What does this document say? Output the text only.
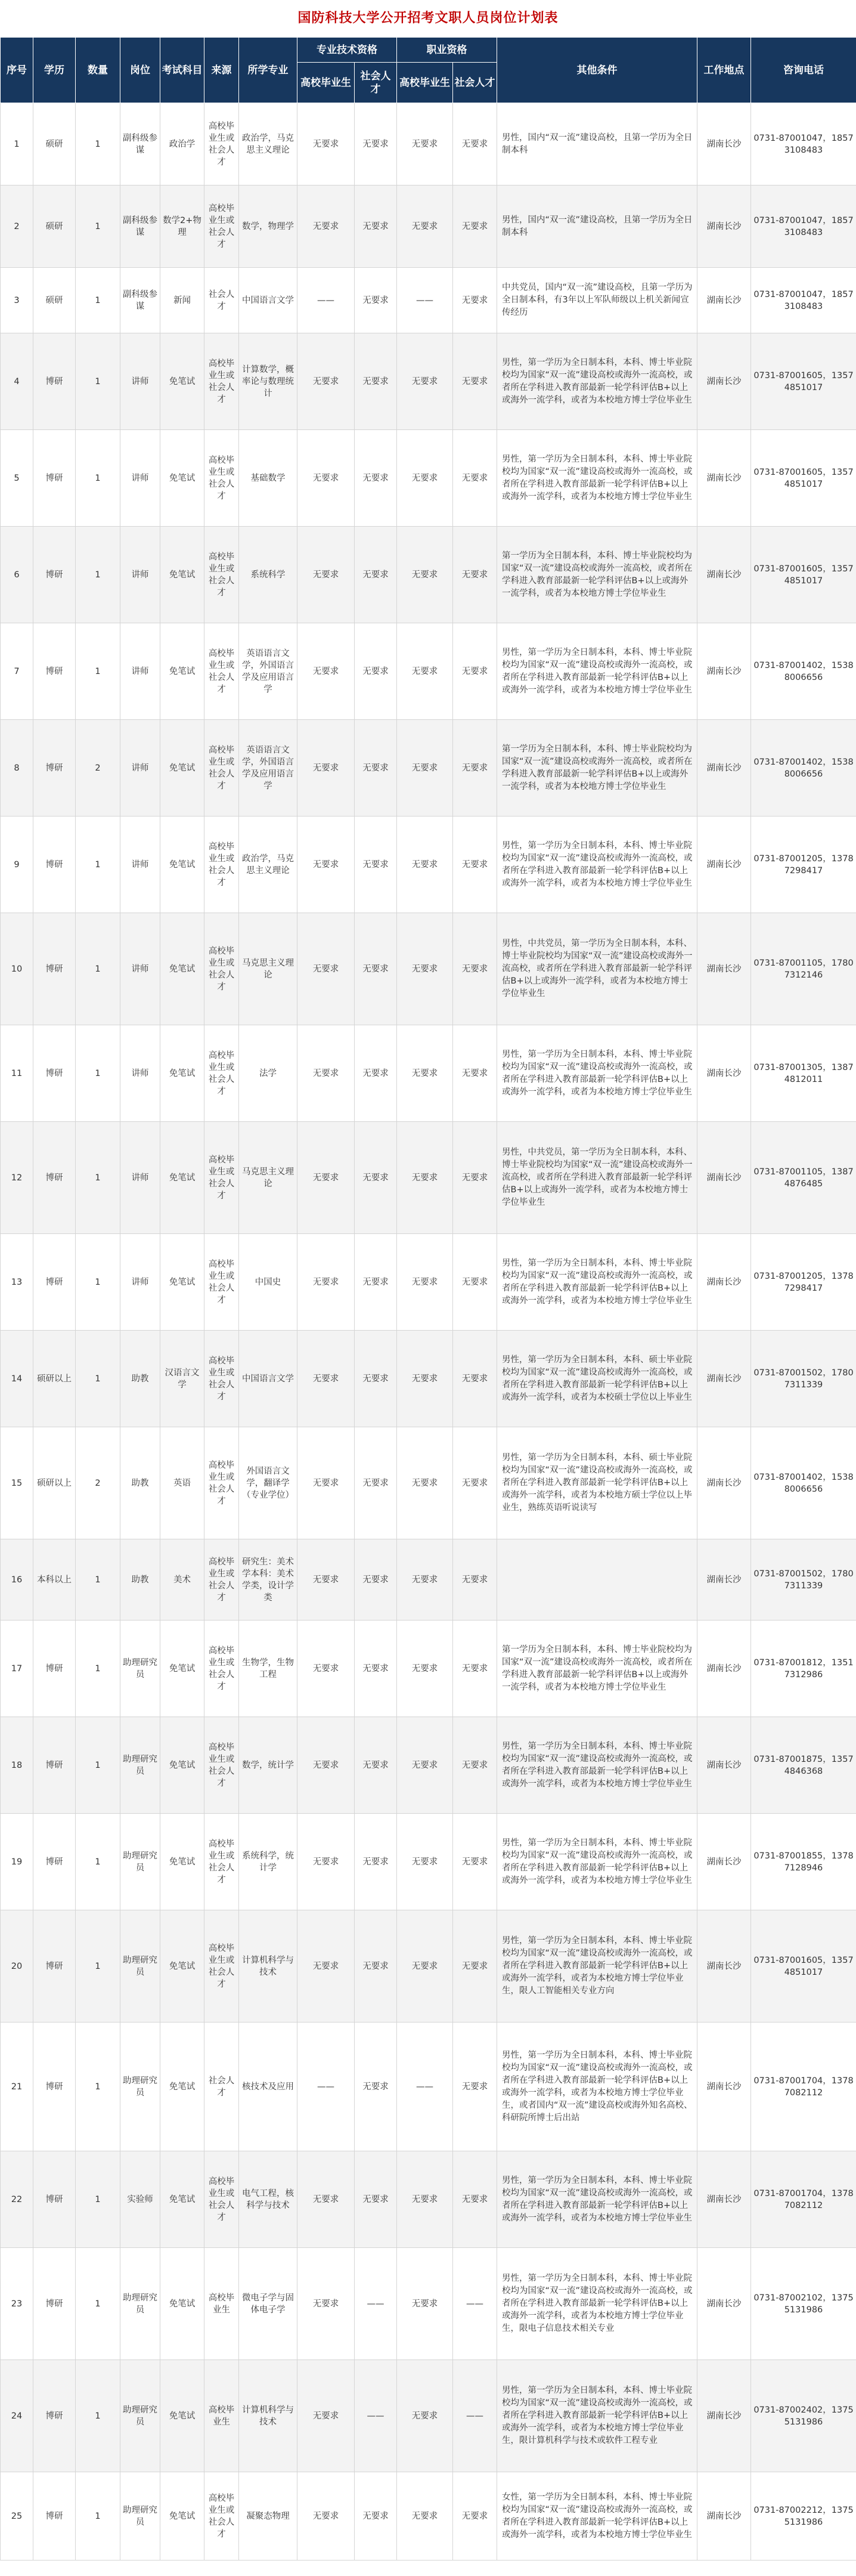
国防科技大学公开招考文职人员岗位计划表
序号	学历	数量	岗位	考试科目	来源	所学专业	专业技术资格		职业资格		其他条件	工作地点	咨询电话
							高校毕业生	社会人才	高校毕业生	社会人才			
1	硕研	1	副科级参谋	政治学	高校毕业生或社会人才	政治学，马克思主义理论	无要求	无要求	无要求	无要求	男性，国内“双一流”建设高校，且第一学历为全日制本科	湖南长沙	0731-87001047，18573108483
2	硕研	1	副科级参谋	数学2+物理	高校毕业生或社会人才	数学，物理学	无要求	无要求	无要求	无要求	男性，国内“双一流”建设高校，且第一学历为全日制本科	湖南长沙	0731-87001047，18573108483
3	硕研	1	副科级参谋	新闻	社会人才	中国语言文学	——	无要求	——	无要求	中共党员，国内“双一流”建设高校，且第一学历为全日制本科，有3年以上军队师级以上机关新闻宣传经历	湖南长沙	0731-87001047，18573108483
4	博研	1	讲师	免笔试	高校毕业生或社会人才	计算数学，概率论与数理统计	无要求	无要求	无要求	无要求	男性，第一学历为全日制本科，本科、博士毕业院校均为国家“双一流”建设高校或海外一流高校，或者所在学科进入教育部最新一轮学科评估B+以上或海外一流学科，或者为本校地方博士学位毕业生	湖南长沙	0731-87001605，13574851017
5	博研	1	讲师	免笔试	高校毕业生或社会人才	基础数学	无要求	无要求	无要求	无要求	男性，第一学历为全日制本科，本科、博士毕业院校均为国家“双一流”建设高校或海外一流高校，或者所在学科进入教育部最新一轮学科评估B+以上或海外一流学科，或者为本校地方博士学位毕业生	湖南长沙	0731-87001605，13574851017
6	博研	1	讲师	免笔试	高校毕业生或社会人才	系统科学	无要求	无要求	无要求	无要求	第一学历为全日制本科，本科、博士毕业院校均为国家“双一流”建设高校或海外一流高校，或者所在学科进入教育部最新一轮学科评估B+以上或海外一流学科，或者为本校地方博士学位毕业生	湖南长沙	0731-87001605，13574851017
7	博研	1	讲师	免笔试	高校毕业生或社会人才	英语语言文学，外国语言学及应用语言学	无要求	无要求	无要求	无要求	男性，第一学历为全日制本科，本科、博士毕业院校均为国家“双一流”建设高校或海外一流高校，或者所在学科进入教育部最新一轮学科评估B+以上或海外一流学科，或者为本校地方博士学位毕业生	湖南长沙	0731-87001402，15388006656
8	博研	2	讲师	免笔试	高校毕业生或社会人才	英语语言文学，外国语言学及应用语言学	无要求	无要求	无要求	无要求	第一学历为全日制本科，本科、博士毕业院校均为国家“双一流”建设高校或海外一流高校，或者所在学科进入教育部最新一轮学科评估B+以上或海外一流学科，或者为本校地方博士学位毕业生	湖南长沙	0731-87001402，15388006656
9	博研	1	讲师	免笔试	高校毕业生或社会人才	政治学，马克思主义理论	无要求	无要求	无要求	无要求	男性，第一学历为全日制本科，本科、博士毕业院校均为国家“双一流”建设高校或海外一流高校，或者所在学科进入教育部最新一轮学科评估B+以上或海外一流学科，或者为本校地方博士学位毕业生	湖南长沙	0731-87001205，13787298417
10	博研	1	讲师	免笔试	高校毕业生或社会人才	马克思主义理论	无要求	无要求	无要求	无要求	男性，中共党员，第一学历为全日制本科，本科、博士毕业院校均为国家“双一流”建设高校或海外一流高校，或者所在学科进入教育部最新一轮学科评估B+以上或海外一流学科，或者为本校地方博士学位毕业生	湖南长沙	0731-87001105，17807312146
11	博研	1	讲师	免笔试	高校毕业生或社会人才	法学	无要求	无要求	无要求	无要求	男性，第一学历为全日制本科，本科、博士毕业院校均为国家“双一流”建设高校或海外一流高校，或者所在学科进入教育部最新一轮学科评估B+以上或海外一流学科，或者为本校地方博士学位毕业生	湖南长沙	0731-87001305，13874812011
12	博研	1	讲师	免笔试	高校毕业生或社会人才	马克思主义理论	无要求	无要求	无要求	无要求	男性，中共党员，第一学历为全日制本科，本科、博士毕业院校均为国家“双一流”建设高校或海外一流高校，或者所在学科进入教育部最新一轮学科评估B+以上或海外一流学科，或者为本校地方博士学位毕业生	湖南长沙	0731-87001105，13874876485
13	博研	1	讲师	免笔试	高校毕业生或社会人才	中国史	无要求	无要求	无要求	无要求	男性，第一学历为全日制本科，本科、博士毕业院校均为国家“双一流”建设高校或海外一流高校，或者所在学科进入教育部最新一轮学科评估B+以上或海外一流学科，或者为本校地方博士学位毕业生	湖南长沙	0731-87001205，13787298417
14	硕研以上	1	助教	汉语言文学	高校毕业生或社会人才	中国语言文学	无要求	无要求	无要求	无要求	男性，第一学历为全日制本科，本科、硕士毕业院校均为国家“双一流”建设高校或海外一流高校，或者所在学科进入教育部最新一轮学科评估B+以上或海外一流学科，或者为本校硕士学位以上毕业生	湖南长沙	0731-87001502，17807311339
15	硕研以上	2	助教	英语	高校毕业生或社会人才	外国语言文学，翻译学（专业学位）	无要求	无要求	无要求	无要求	男性，第一学历为全日制本科，本科、硕士毕业院校均为国家“双一流”建设高校或海外一流高校，或者所在学科进入教育部最新一轮学科评估B+以上或海外一流学科，或者为本校地方硕士学位以上毕业生，熟练英语听说读写	湖南长沙	0731-87001402，15388006656
16	本科以上	1	助教	美术	高校毕业生或社会人才	研究生：美术学本科：美术学类，设计学类	无要求	无要求	无要求	无要求		湖南长沙	0731-87001502，17807311339
17	博研	1	助理研究员	免笔试	高校毕业生或社会人才	生物学，生物工程	无要求	无要求	无要求	无要求	第一学历为全日制本科，本科、博士毕业院校均为国家“双一流”建设高校或海外一流高校，或者所在学科进入教育部最新一轮学科评估B+以上或海外一流学科，或者为本校地方博士学位毕业生	湖南长沙	0731-87001812，13517312986
18	博研	1	助理研究员	免笔试	高校毕业生或社会人才	数学，统计学	无要求	无要求	无要求	无要求	男性，第一学历为全日制本科，本科、博士毕业院校均为国家“双一流”建设高校或海外一流高校，或者所在学科进入教育部最新一轮学科评估B+以上或海外一流学科，或者为本校地方博士学位毕业生	湖南长沙	0731-87001875，13574846368
19	博研	1	助理研究员	免笔试	高校毕业生或社会人才	系统科学，统计学	无要求	无要求	无要求	无要求	男性，第一学历为全日制本科，本科、博士毕业院校均为国家“双一流”建设高校或海外一流高校，或者所在学科进入教育部最新一轮学科评估B+以上或海外一流学科，或者为本校地方博士学位毕业生	湖南长沙	0731-87001855，13787128946
20	博研	1	助理研究员	免笔试	高校毕业生或社会人才	计算机科学与技术	无要求	无要求	无要求	无要求	男性，第一学历为全日制本科，本科、博士毕业院校均为国家“双一流”建设高校或海外一流高校，或者所在学科进入教育部最新一轮学科评估B+以上或海外一流学科，或者为本校地方博士学位毕业生，限人工智能相关专业方向	湖南长沙	0731-87001605，13574851017
21	博研	1	助理研究员	免笔试	社会人才	核技术及应用	——	无要求	——	无要求	男性，第一学历为全日制本科，本科、博士毕业院校均为国家“双一流”建设高校或海外一流高校，或者所在学科进入教育部最新一轮学科评估B+以上或海外一流学科，或者为本校地方博士学位毕业生，或者国内“双一流”建设高校或海外知名高校、科研院所博士后出站	湖南长沙	0731-87001704，13787082112
22	博研	1	实验师	免笔试	高校毕业生或社会人才	电气工程，核科学与技术	无要求	无要求	无要求	无要求	男性，第一学历为全日制本科，本科、博士毕业院校均为国家“双一流”建设高校或海外一流高校，或者所在学科进入教育部最新一轮学科评估B+以上或海外一流学科，或者为本校地方博士学位毕业生	湖南长沙	0731-87001704，13787082112
23	博研	1	助理研究员	免笔试	高校毕业生	微电子学与固体电子学	无要求	——	无要求	——	男性，第一学历为全日制本科，本科、博士毕业院校均为国家“双一流”建设高校或海外一流高校，或者所在学科进入教育部最新一轮学科评估B+以上或海外一流学科，或者为本校地方博士学位毕业生，限电子信息技术相关专业	湖南长沙	0731-87002102，13755131986
24	博研	1	助理研究员	免笔试	高校毕业生	计算机科学与技术	无要求	——	无要求	——	男性，第一学历为全日制本科，本科、博士毕业院校均为国家“双一流”建设高校或海外一流高校，或者所在学科进入教育部最新一轮学科评估B+以上或海外一流学科，或者为本校地方博士学位毕业生，限计算机科学与技术或软件工程专业	湖南长沙	0731-87002402，13755131986
25	博研	1	助理研究员	免笔试	高校毕业生或社会人才	凝聚态物理	无要求	无要求	无要求	无要求	女性，第一学历为全日制本科，本科、博士毕业院校均为国家“双一流”建设高校或海外一流高校，或者所在学科进入教育部最新一轮学科评估B+以上或海外一流学科，或者为本校地方博士学位毕业生	湖南长沙	0731-87002212，13755131986
